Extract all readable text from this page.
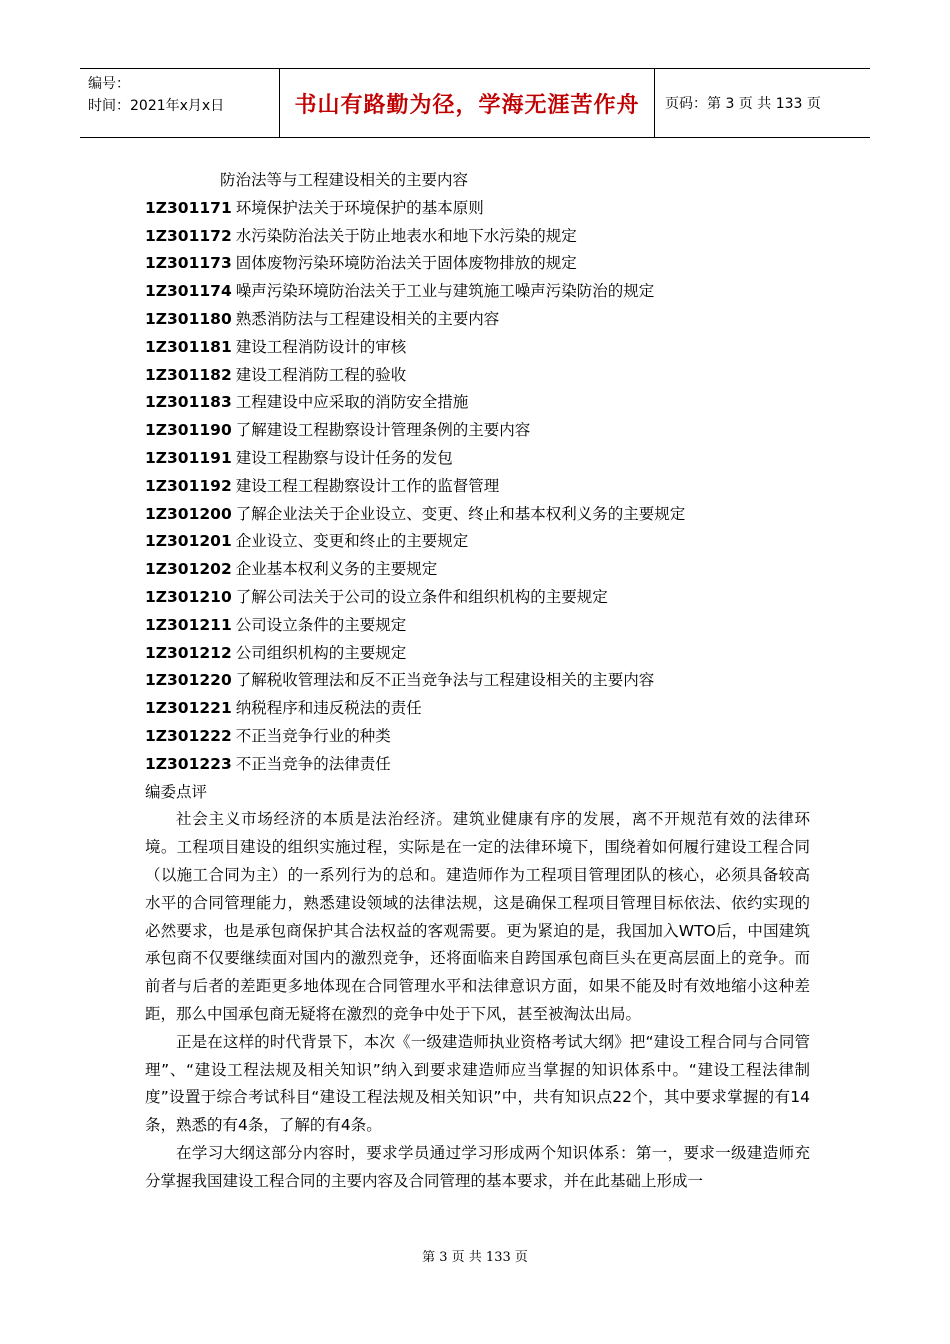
编号：
时间：2021年x月x日	书山有路勤为径，学海无涯苦作舟	页码：第 3 页 共 133 页
防治法等与工程建设相关的主要内容
1Z301171 环境保护法关于环境保护的基本原则
1Z301172 水污染防治法关于防止地表水和地下水污染的规定
1Z301173 固体废物污染环境防治法关于固体废物排放的规定
1Z301174 噪声污染环境防治法关于工业与建筑施工噪声污染防治的规定
1Z301180 熟悉消防法与工程建设相关的主要内容
1Z301181 建设工程消防设计的审核
1Z301182 建设工程消防工程的验收
1Z301183 工程建设中应采取的消防安全措施
1Z301190 了解建设工程勘察设计管理条例的主要内容
1Z301191 建设工程勘察与设计任务的发包
1Z301192 建设工程工程勘察设计工作的监督管理
1Z301200 了解企业法关于企业设立、变更、终止和基本权利义务的主要规定
1Z301201 企业设立、变更和终止的主要规定
1Z301202 企业基本权利义务的主要规定
1Z301210 了解公司法关于公司的设立条件和组织机构的主要规定
1Z301211 公司设立条件的主要规定
1Z301212 公司组织机构的主要规定
1Z301220 了解税收管理法和反不正当竞争法与工程建设相关的主要内容
1Z301221 纳税程序和违反税法的责任
1Z301222 不正当竞争行业的种类
1Z301223 不正当竞争的法律责任
编委点评

社会主义市场经济的本质是法治经济。建筑业健康有序的发展，离不开规范有效的法律环境。工程项目建设的组织实施过程，实际是在一定的法律环境下，围绕着如何履行建设工程合同（以施工合同为主）的一系列行为的总和。建造师作为工程项目管理团队的核心，必须具备较高水平的合同管理能力，熟悉建设领域的法律法规，这是确保工程项目管理目标依法、依约实现的必然要求，也是承包商保护其合法权益的客观需要。更为紧迫的是，我国加入WTO后，中国建筑承包商不仅要继续面对国内的激烈竞争，还将面临来自跨国承包商巨头在更高层面上的竞争。而前者与后者的差距更多地体现在合同管理水平和法律意识方面，如果不能及时有效地缩小这种差距，那么中国承包商无疑将在激烈的竞争中处于下风，甚至被淘汰出局。

正是在这样的时代背景下，本次《一级建造师执业资格考试大纲》把“建设工程合同与合同管理”、“建设工程法规及相关知识”纳入到要求建造师应当掌握的知识体系中。“建设工程法律制度”设置于综合考试科目“建设工程法规及相关知识”中，共有知识点22个，其中要求掌握的有14条，熟悉的有4条，了解的有4条。

在学习大纲这部分内容时，要求学员通过学习形成两个知识体系：第一，要求一级建造师充分掌握我国建设工程合同的主要内容及合同管理的基本要求，并在此基础上形成一

第 3 页 共 133 页
